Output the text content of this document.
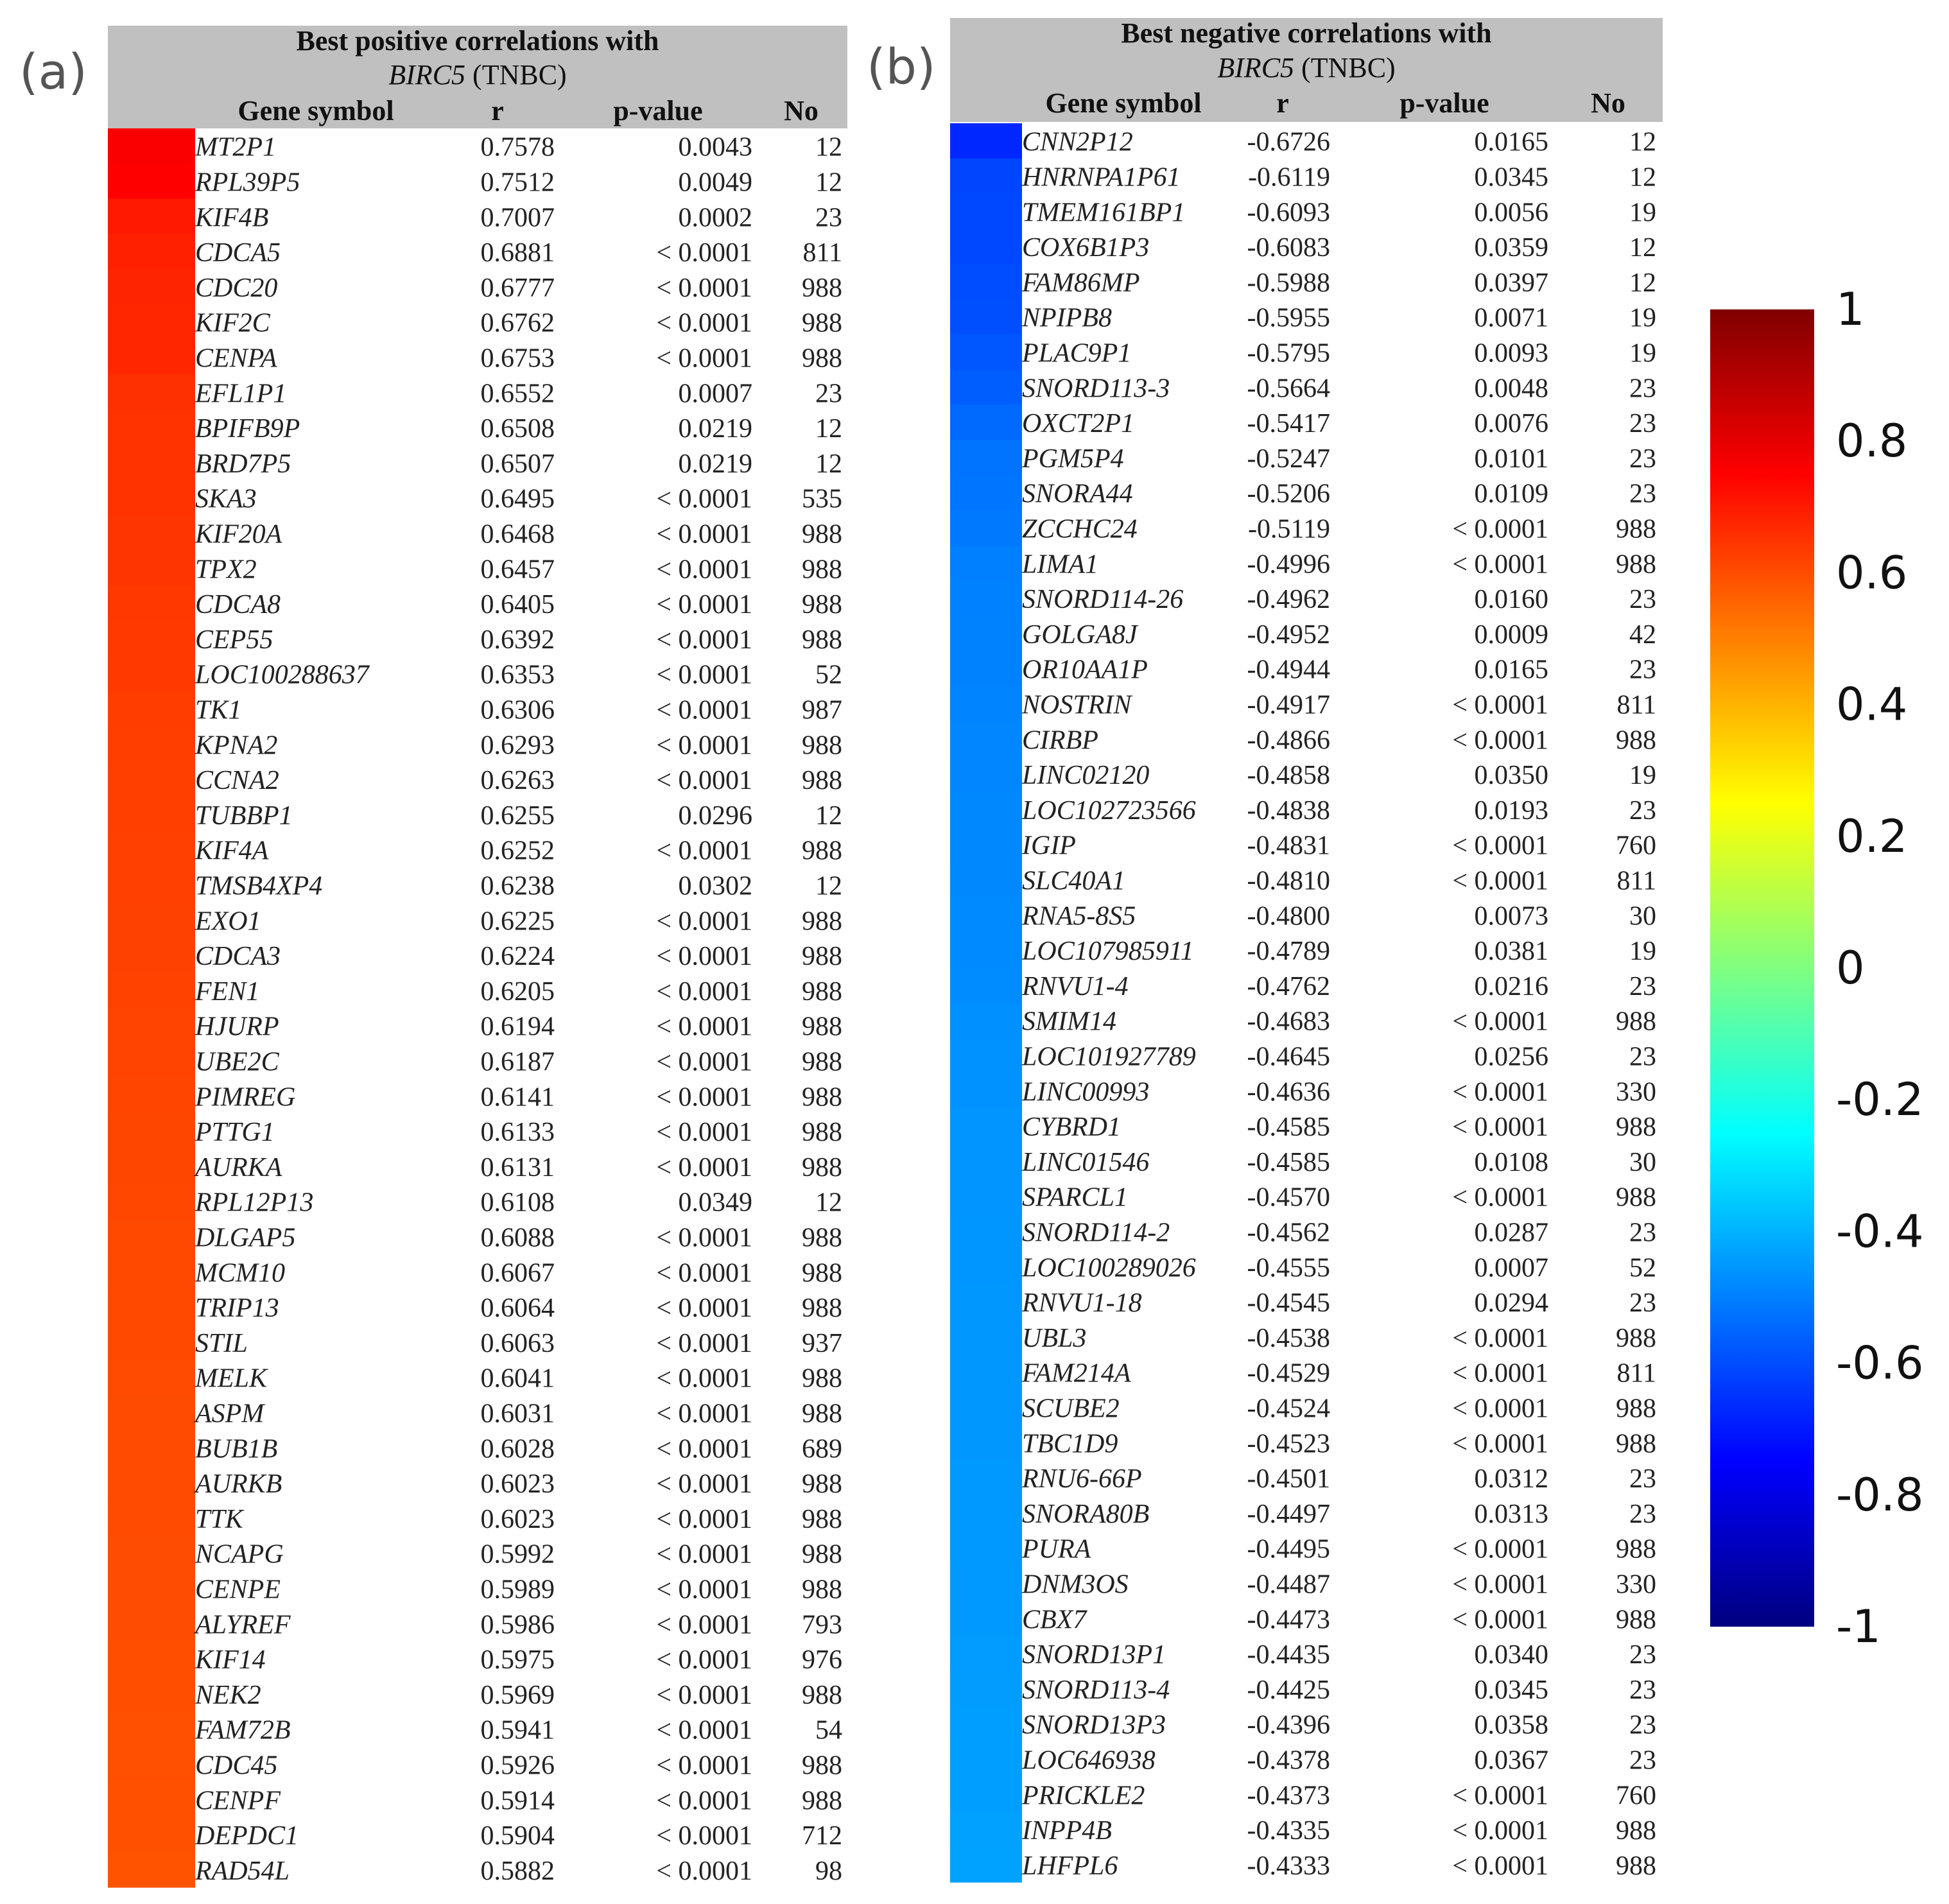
(a)
Best positive correlations with
BIRC5 (TNBC)
Gene symbol	r	p-value	No
MT2P1	0.7578	0.0043 12
RPL39P5	0.7512	0.0049 12
KIF4B	0.7007	0.0002 23
CDCA5	0.6881	< 0.0001 811
CDC20	0.6777	< 0.0001 988
KIF2C	0.6762	< 0.0001 988
CENPA	0.6753	< 0.0001 988
EFL1P1	0.6552	0.0007 23
BPIFB9P	0.6508	0.0219 12
BRD7P5	0.6507	0.0219 12
SKA3	0.6495	< 0.0001 535
KIF20A	0.6468	< 0.0001 988
TPX2	0.6457	< 0.0001 988
CDCA8	0.6405	< 0.0001 988
CEP55	0.6392	< 0.0001 988
LOC100288637	0.6353	< 0.0001 52
TK1	0.6306	< 0.0001 987
KPNA2	0.6293	< 0.0001 988
CCNA2	0.6263	< 0.0001 988
TUBBP1	0.6255	0.0296 12
KIF4A	0.6252	< 0.0001 988
TMSB4XP4	0.6238	0.0302 12
EXO1	0.6225	< 0.0001 988
CDCA3	0.6224	< 0.0001 988
FEN1	0.6205	< 0.0001 988
HJURP	0.6194	< 0.0001 988
UBE2C	0.6187	< 0.0001 988
PIMREG	0.6141	< 0.0001 988
PTTG1	0.6133	< 0.0001 988
AURKA	0.6131	< 0.0001 988
RPL12P13	0.6108	0.0349 12
DLGAP5	0.6088	< 0.0001 988
MCM10	0.6067	< 0.0001 988
TRIP13	0.6064	< 0.0001 988
STIL	0.6063	< 0.0001 937
MELK	0.6041	< 0.0001 988
ASPM	0.6031	< 0.0001 988
BUB1B	0.6028	< 0.0001 689
AURKB	0.6023	< 0.0001 988
TTK	0.6023	< 0.0001 988
NCAPG	0.5992	< 0.0001 988
CENPE	0.5989	< 0.0001 988
ALYREF	0.5986	< 0.0001 793
KIF14	0.5975	< 0.0001 976
NEK2	0.5969	< 0.0001 988
FAM72B	0.5941	< 0.0001 54
CDC45	0.5926	< 0.0001 988
CENPF	0.5914	< 0.0001 988
DEPDC1	0.5904	< 0.0001 712
RAD54L	0.5882	< 0.0001 98
(b)
Best negative correlations with
BIRC5 (TNBC)
Gene symbol	r	p-value	No
CNN2P12	-0.6726	0.0165	12
HNRNPA1P61	-0.6119	0.0345	12
TMEM161BP1 -0.6093	0.0056	19
COX6B1P3	-0.6083	0.0359	12
FAM86MP	-0.5988	0.0397	12
NPIPB8	-0.5955	0.0071	19
PLAC9P1	-0.5795	0.0093	19
SNORD113-3	-0.5664	0.0048	23
OXCT2P1	-0.5417	0.0076	23
PGM5P4	-0.5247	0.0101	23
SNORA44	-0.5206	0.0109	23
ZCCHC24	-0.5119	< 0.0001	988
LIMA1	-0.4996	< 0.0001	988
SNORD114-26 -0.4962	0.0160	23
GOLGA8J	-0.4952	0.0009	42
OR10AA1P	-0.4944	0.0165	23
NOSTRIN	-0.4917	< 0.0001	811
CIRBP	-0.4866	< 0.0001	988
LINC02120	-0.4858	0.0350	19
LOC102723566 -0.4838	0.0193	23
IGIP	-0.4831	< 0.0001	760
SLC40A1	-0.4810	< 0.0001	811
RNA5-8S5	-0.4800	0.0073	30
LOC107985911 -0.4789	0.0381	19
RNVU1-4	-0.4762	0.0216	23
SMIM14	-0.4683	< 0.0001	988
LOC101927789 -0.4645	0.0256	23
LINC00993	-0.4636	< 0.0001	330
CYBRD1	-0.4585	< 0.0001	988
LINC01546	-0.4585	0.0108	30
SPARCL1	-0.4570	< 0.0001	988
SNORD114-2	-0.4562	0.0287	23
LOC100289026 -0.4555	0.0007	52
RNVU1-18	-0.4545	0.0294	23
UBL3	-0.4538	< 0.0001	988
FAM214A	-0.4529	< 0.0001	811
SCUBE2	-0.4524	< 0.0001	988
TBC1D9	-0.4523	< 0.0001	988
RNU6-66P	-0.4501	0.0312	23
SNORA80B	-0.4497	0.0313	23
PURA	-0.4495	< 0.0001	988
DNM3OS	-0.4487	< 0.0001	330
CBX7	-0.4473	< 0.0001	988
SNORD13P1	-0.4435	0.0340	23
SNORD113-4	-0.4425	0.0345	23
SNORD13P3	-0.4396	0.0358	23
LOC646938	-0.4378	0.0367	23
PRICKLE2	-0.4373	< 0.0001	760
INPP4B	-0.4335	< 0.0001	988
LHFPL6	-0.4333	< 0.0001	988
1
0.8
0.6
0.4
0.2
0
-0.2
-0.4
-0.6
-0.8
-1
